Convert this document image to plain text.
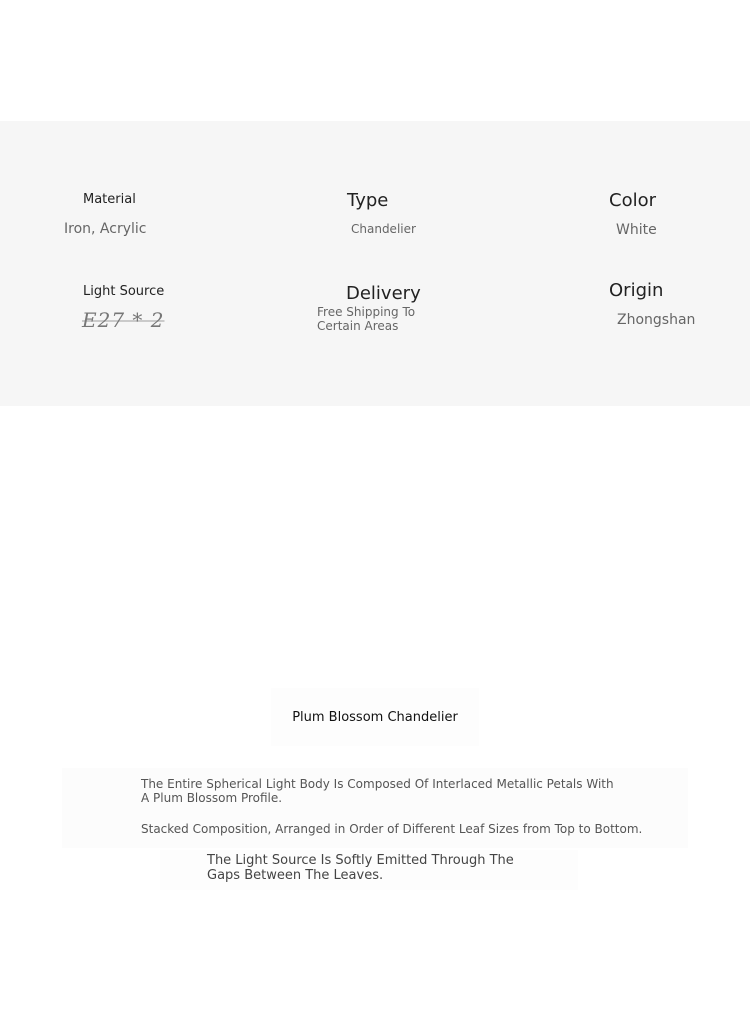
Material
Iron, Acrylic
Type
Chandelier
Color
White
Light Source
E27 * 2
Delivery
Free Shipping To Certain Areas
Origin
Zhongshan
Plum Blossom Chandelier
The Entire Spherical Light Body Is Composed Of Interlaced Metallic Petals With A Plum Blossom Profile.
Stacked Composition, Arranged in Order of Different Leaf Sizes from Top to Bottom.
The Light Source Is Softly Emitted Through The Gaps Between The Leaves.
